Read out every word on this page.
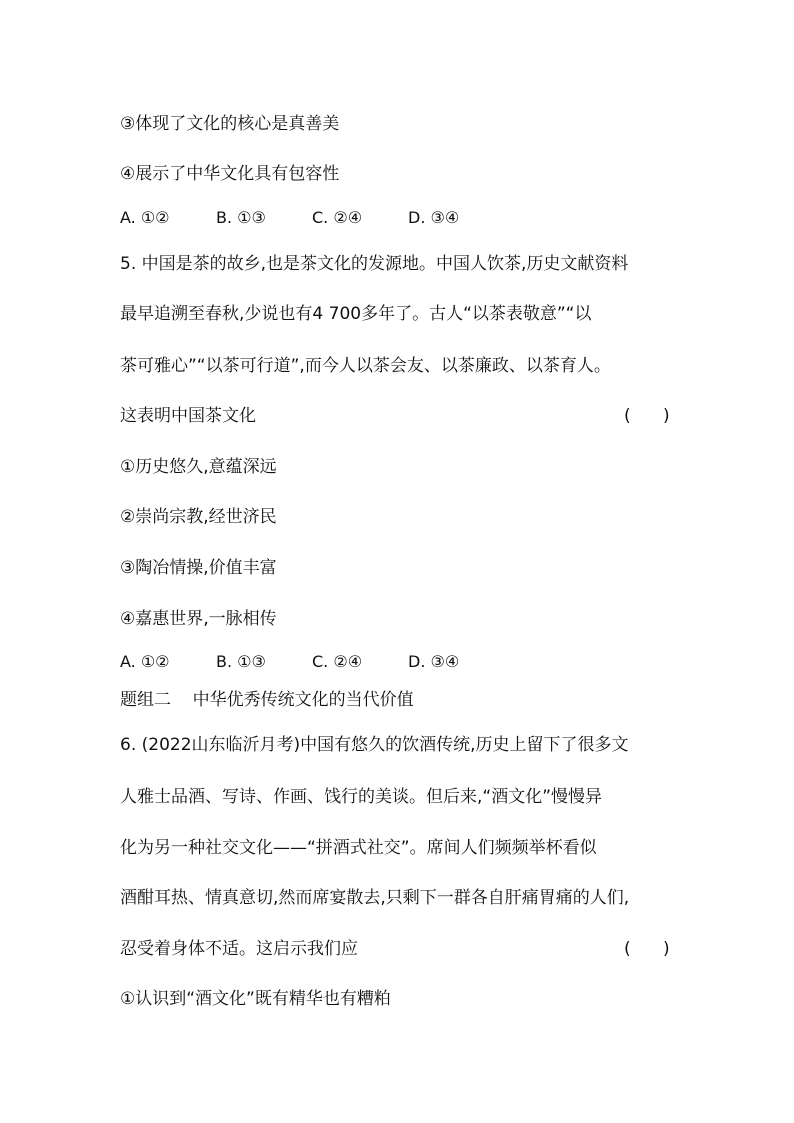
③体现了文化的核心是真善美
④展示了中华文化具有包容性
A. ①②	B. ①③	C. ②④	D. ③④
5. 中国是茶的故乡,也是茶文化的发源地。中国人饮茶,历史文献资料
最早追溯至春秋,少说也有4 700多年了。古人“以茶表敬意”“以
茶可雅心”“以茶可行道”,而今人以茶会友、以茶廉政、以茶育人。
这表明中国茶文化	(      )
①历史悠久,意蕴深远
②崇尚宗教,经世济民
③陶冶情操,价值丰富
④嘉惠世界,一脉相传
A. ①②	B. ①③	C. ②④	D. ③④
题组二    中华优秀传统文化的当代价值
6. (2022山东临沂月考)中国有悠久的饮酒传统,历史上留下了很多文
人雅士品酒、写诗、作画、饯行的美谈。但后来,“酒文化”慢慢异
化为另一种社交文化——“拼酒式社交”。席间人们频频举杯看似
酒酣耳热、情真意切,然而席宴散去,只剩下一群各自肝痛胃痛的人们,
忍受着身体不适。这启示我们应	(      )
①认识到“酒文化”既有精华也有糟粕
